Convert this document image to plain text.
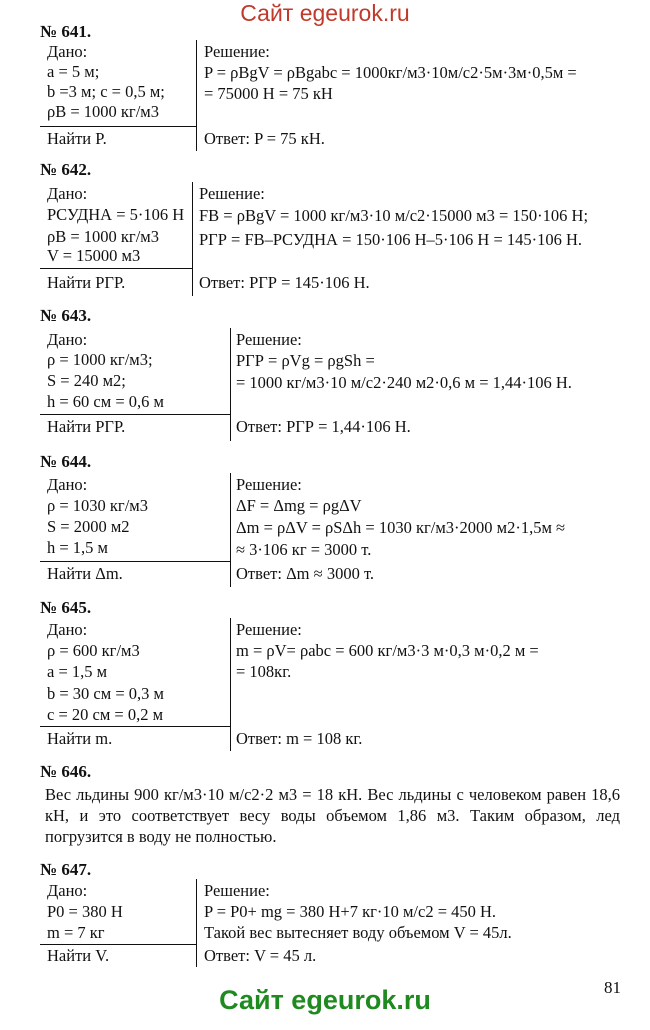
Сайт egeurok.ru
№ 641.
Дано:
a = 5 м;
b =3 м; c = 0,5 м;
ρВ = 1000 кг/м3
Найти P.
Решение:
P = ρВgV = ρВgabc = 1000кг/м3·10м/с2·5м·3м·0,5м =
= 75000 Н = 75 кН
Ответ: P = 75 кН.
№ 642.
Дано:
PСУДНА = 5·106 Н
ρВ = 1000 кг/м3
V = 15000 м3
Найти PГР.
Решение:
FВ = ρВgV = 1000 кг/м3·10 м/с2·15000 м3 = 150·106 Н;
PГР = FВ–PСУДНА = 150·106 Н–5·106 Н = 145·106 Н.
Ответ: PГР = 145·106 Н.
№ 643.
Дано:
ρ = 1000 кг/м3;
S = 240 м2;
h = 60 см = 0,6 м
Найти PГР.
Решение:
PГР = ρVg = ρgSh =
= 1000 кг/м3·10 м/с2·240 м2·0,6 м = 1,44·106 Н.
Ответ: PГР = 1,44·106 Н.
№ 644.
Дано:
ρ = 1030 кг/м3
S = 2000 м2
h = 1,5 м
Найти Δm.
Решение:
ΔF = Δmg = ρgΔV
Δm = ρΔV = ρSΔh = 1030 кг/м3·2000 м2·1,5м ≈
≈ 3·106 кг = 3000 т.
Ответ: Δm ≈ 3000 т.
№ 645.
Дано:
ρ = 600 кг/м3
a = 1,5 м
b = 30 см = 0,3 м
c = 20 см = 0,2 м
Найти m.
Решение:
m = ρV= ρabc = 600 кг/м3·3 м·0,3 м·0,2 м =
= 108кг.
Ответ: m = 108 кг.
№ 646.
Вес льдины 900 кг/м3·10 м/с2·2 м3 = 18 кН. Вес льдины с человеком равен 18,6 кН, и это соответствует весу воды объемом 1,86 м3. Таким образом, лед погрузится в воду не полностью.
№ 647.
Дано:
P0 = 380 Н
m = 7 кг
Найти V.
Решение:
P = P0+ mg = 380 Н+7 кг·10 м/с2 = 450 Н.
Такой вес вытесняет воду объемом V = 45л.
Ответ: V = 45 л.
81
Сайт egeurok.ru
